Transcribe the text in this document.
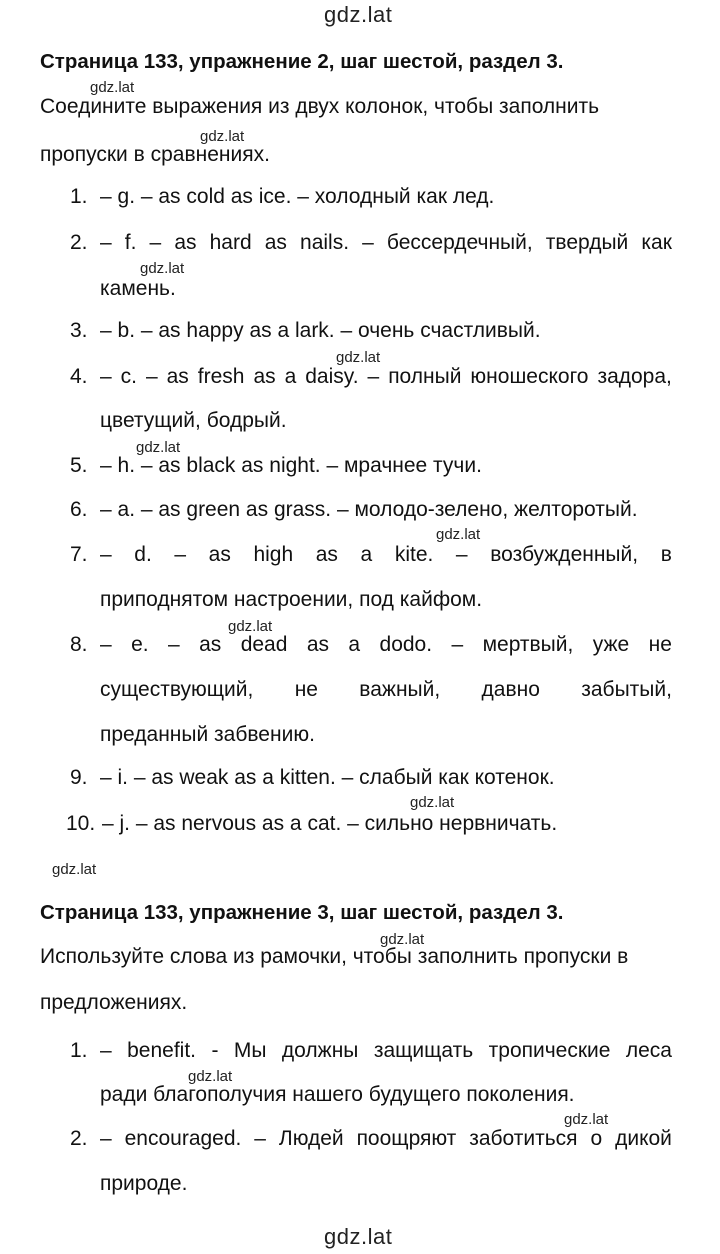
gdz.lat
Страница 133, упражнение 2, шаг шестой, раздел 3.
gdz.lat
Соедините выражения из двух колонок, чтобы заполнить
gdz.lat
пропуски в сравнениях.
1. – g. – as cold as ice. – холодный как лед.
2. – f. – as hard as nails. – бессердечный, твердый как
gdz.lat
камень.
3. – b. – as happy as a lark. – очень счастливый.
gdz.lat
4. – c. – as fresh as a daisy. – полный юношеского задора,
цветущий, бодрый.
gdz.lat
5. – h. – as black as night. – мрачнее тучи.
6. – a. – as green as grass. – молодо-зелено, желторотый.
gdz.lat
7. – d. – as high as a kite. – возбужденный, в
приподнятом настроении, под кайфом.
gdz.lat
8. – e. – as dead as a dodo. – мертвый, уже не
существующий, не важный, давно забытый,
преданный забвению.
9. – i. – as weak as a kitten. – слабый как котенок.
gdz.lat
10. – j. – as nervous as a cat. – сильно нервничать.
gdz.lat
Страница 133, упражнение 3, шаг шестой, раздел 3.
gdz.lat
Используйте слова из рамочки, чтобы заполнить пропуски в
предложениях.
1. – benefit. - Мы должны защищать тропические леса
gdz.lat
ради благополучия нашего будущего поколения.
gdz.lat
2. – encouraged. – Людей поощряют заботиться о дикой
природе.
gdz.lat
